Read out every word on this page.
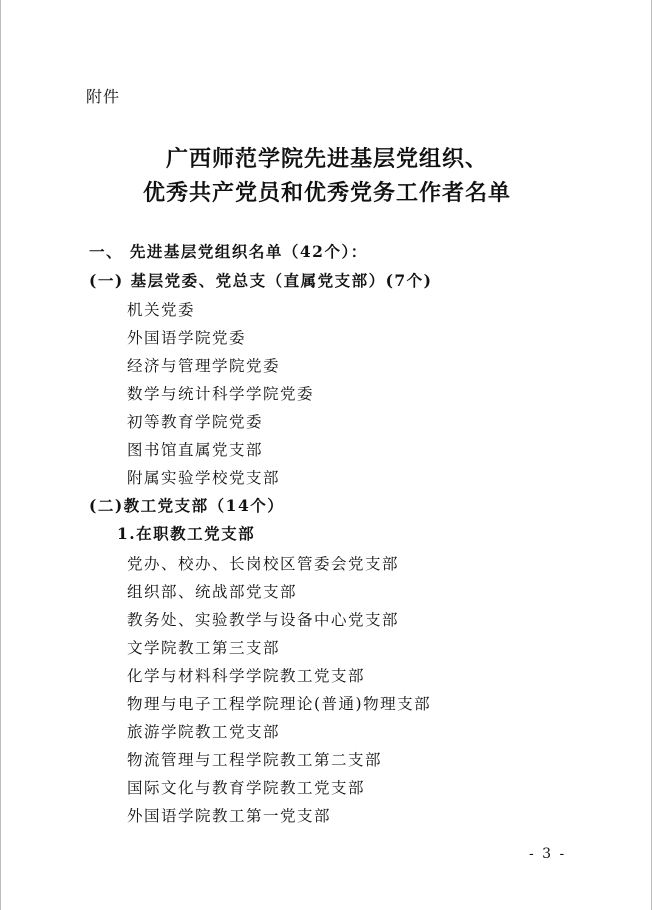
附件
广西师范学院先进基层党组织、
优秀共产党员和优秀党务工作者名单
一、 先进基层党组织名单（42个）：
(一) 基层党委、党总支（直属党支部）(7个)
机关党委
外国语学院党委
经济与管理学院党委
数学与统计科学学院党委
初等教育学院党委
图书馆直属党支部
附属实验学校党支部
(二)教工党支部（14个）
1.在职教工党支部
党办、校办、长岗校区管委会党支部
组织部、统战部党支部
教务处、实验教学与设备中心党支部
文学院教工第三支部
化学与材料科学学院教工党支部
物理与电子工程学院理论(普通)物理支部
旅游学院教工党支部
物流管理与工程学院教工第二支部
国际文化与教育学院教工党支部
外国语学院教工第一党支部
- 3 -
